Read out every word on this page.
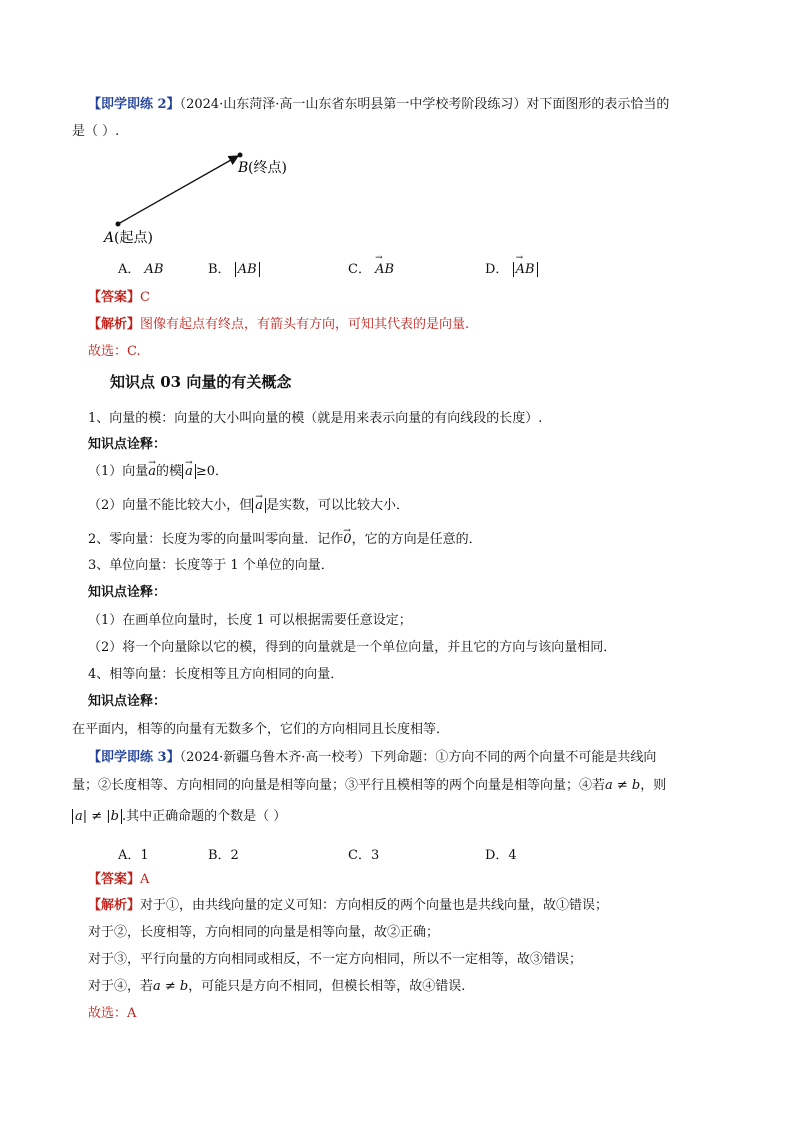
【即学即练 2】（2024·山东菏泽·高一山东省东明县第一中学校考阶段练习）对下面图形的表示恰当的
是（ ）.
B (终点)
A (起点)
A． AB	B． AB	C． → AB	D． → AB
【答案】C
【解析】图像有起点有终点，有箭头有方向，可知其代表的是向量.
故选：C.
知识点 03 向量的有关概念
1、向量的模：向量的大小叫向量的模（就是用来表示向量的有向线段的长度）.
知识点诠释：
（1）向量→ a的模 → a ≥0．
（2）向量不能比较大小，但 → a 是实数，可以比较大小．
2、零向量：长度为零的向量叫零向量．记作→ 0，它的方向是任意的．
3、单位向量：长度等于 1 个单位的向量．
知识点诠释：
（1）在画单位向量时，长度 1 可以根据需要任意设定；
（2）将一个向量除以它的模，得到的向量就是一个单位向量，并且它的方向与该向量相同．
4、相等向量：长度相等且方向相同的向量．
知识点诠释：
在平面内，相等的向量有无数多个，它们的方向相同且长度相等．
【即学即练 3】（2024·新疆乌鲁木齐·高一校考）下列命题：①方向不同的两个向量不可能是共线向
量；②长度相等、方向相同的向量是相等向量；③平行且模相等的两个向量是相等向量；④若a ≠ b，则
a| ≠ |b .其中正确命题的个数是（ ）
A．1	B．2	C．3	D．4
【答案】A
【解析】对于①，由共线向量的定义可知：方向相反的两个向量也是共线向量，故①错误；
对于②，长度相等，方向相同的向量是相等向量，故②正确；
对于③，平行向量的方向相同或相反，不一定方向相同，所以不一定相等，故③错误；
对于④，若a ≠ b，可能只是方向不相同，但模长相等，故④错误.
故选：A
